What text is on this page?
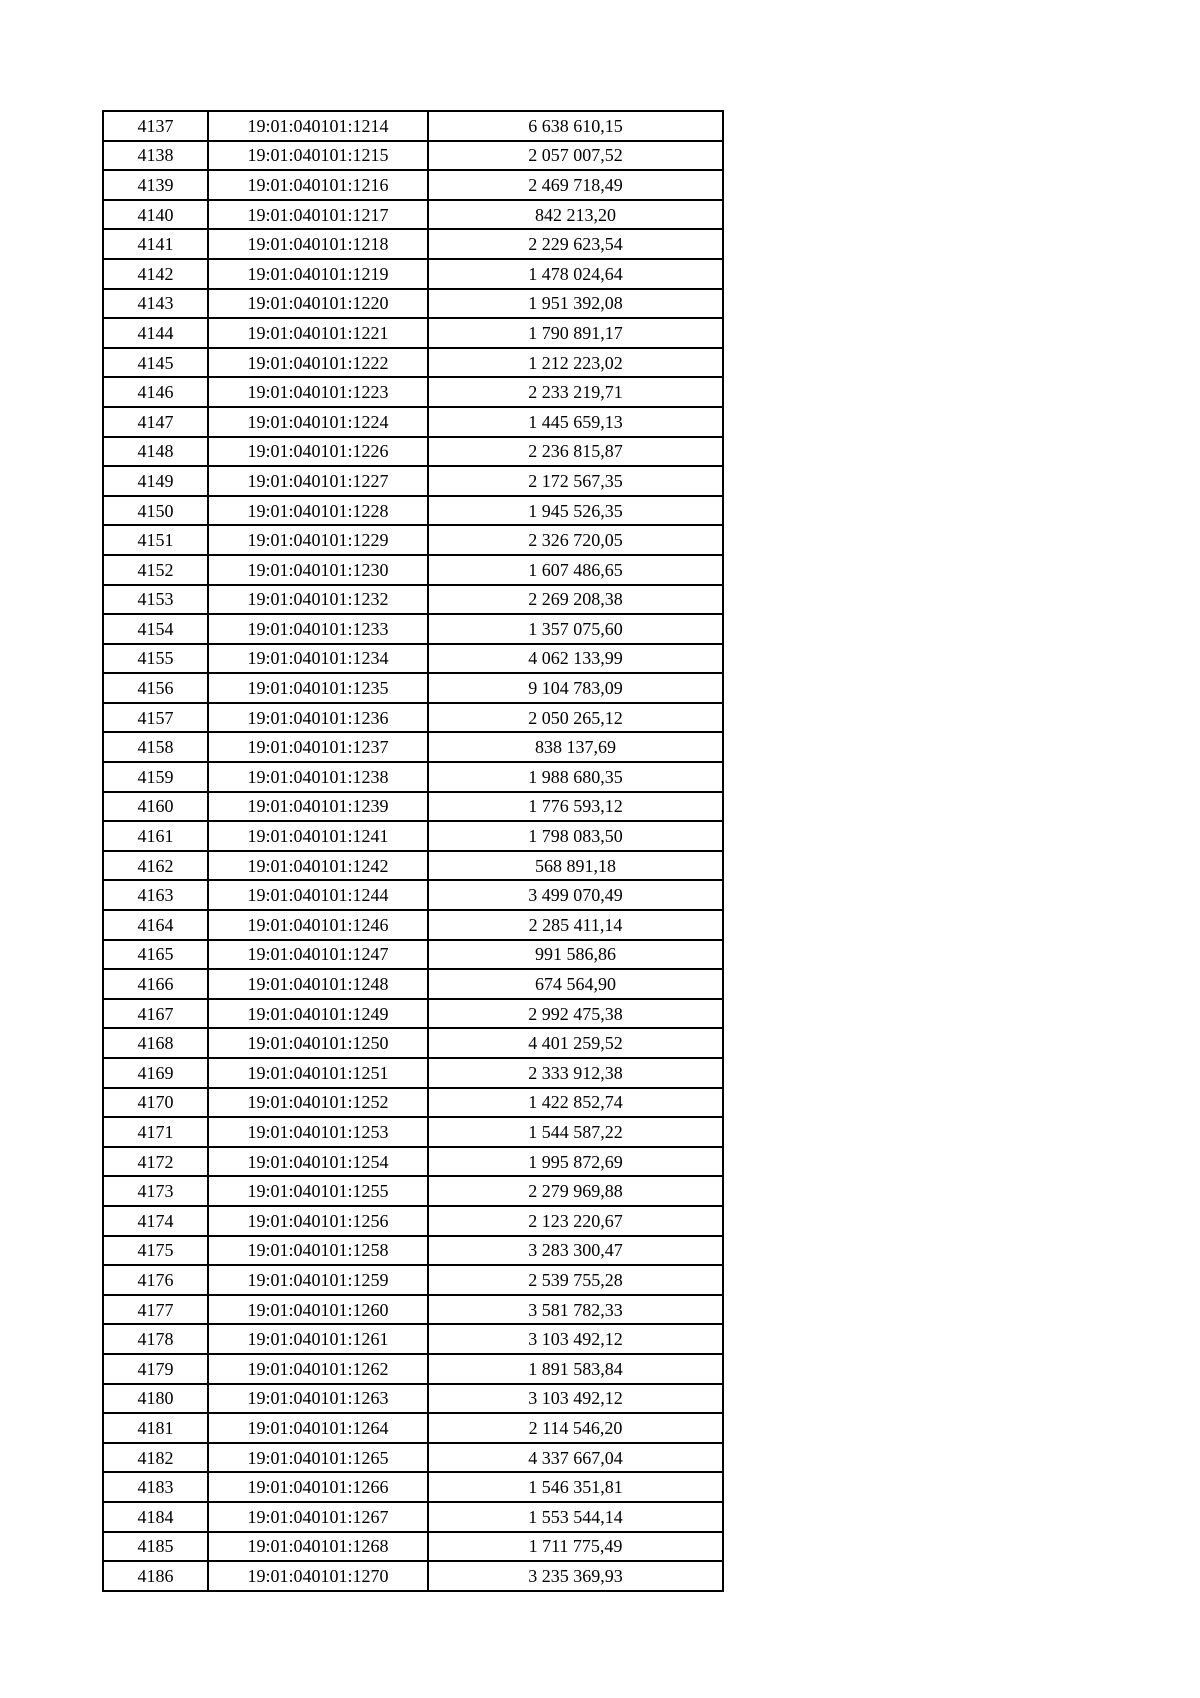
4137	19:01:040101:1214	6 638 610,15
4138	19:01:040101:1215	2 057 007,52
4139	19:01:040101:1216	2 469 718,49
4140	19:01:040101:1217	842 213,20
4141	19:01:040101:1218	2 229 623,54
4142	19:01:040101:1219	1 478 024,64
4143	19:01:040101:1220	1 951 392,08
4144	19:01:040101:1221	1 790 891,17
4145	19:01:040101:1222	1 212 223,02
4146	19:01:040101:1223	2 233 219,71
4147	19:01:040101:1224	1 445 659,13
4148	19:01:040101:1226	2 236 815,87
4149	19:01:040101:1227	2 172 567,35
4150	19:01:040101:1228	1 945 526,35
4151	19:01:040101:1229	2 326 720,05
4152	19:01:040101:1230	1 607 486,65
4153	19:01:040101:1232	2 269 208,38
4154	19:01:040101:1233	1 357 075,60
4155	19:01:040101:1234	4 062 133,99
4156	19:01:040101:1235	9 104 783,09
4157	19:01:040101:1236	2 050 265,12
4158	19:01:040101:1237	838 137,69
4159	19:01:040101:1238	1 988 680,35
4160	19:01:040101:1239	1 776 593,12
4161	19:01:040101:1241	1 798 083,50
4162	19:01:040101:1242	568 891,18
4163	19:01:040101:1244	3 499 070,49
4164	19:01:040101:1246	2 285 411,14
4165	19:01:040101:1247	991 586,86
4166	19:01:040101:1248	674 564,90
4167	19:01:040101:1249	2 992 475,38
4168	19:01:040101:1250	4 401 259,52
4169	19:01:040101:1251	2 333 912,38
4170	19:01:040101:1252	1 422 852,74
4171	19:01:040101:1253	1 544 587,22
4172	19:01:040101:1254	1 995 872,69
4173	19:01:040101:1255	2 279 969,88
4174	19:01:040101:1256	2 123 220,67
4175	19:01:040101:1258	3 283 300,47
4176	19:01:040101:1259	2 539 755,28
4177	19:01:040101:1260	3 581 782,33
4178	19:01:040101:1261	3 103 492,12
4179	19:01:040101:1262	1 891 583,84
4180	19:01:040101:1263	3 103 492,12
4181	19:01:040101:1264	2 114 546,20
4182	19:01:040101:1265	4 337 667,04
4183	19:01:040101:1266	1 546 351,81
4184	19:01:040101:1267	1 553 544,14
4185	19:01:040101:1268	1 711 775,49
4186	19:01:040101:1270	3 235 369,93
